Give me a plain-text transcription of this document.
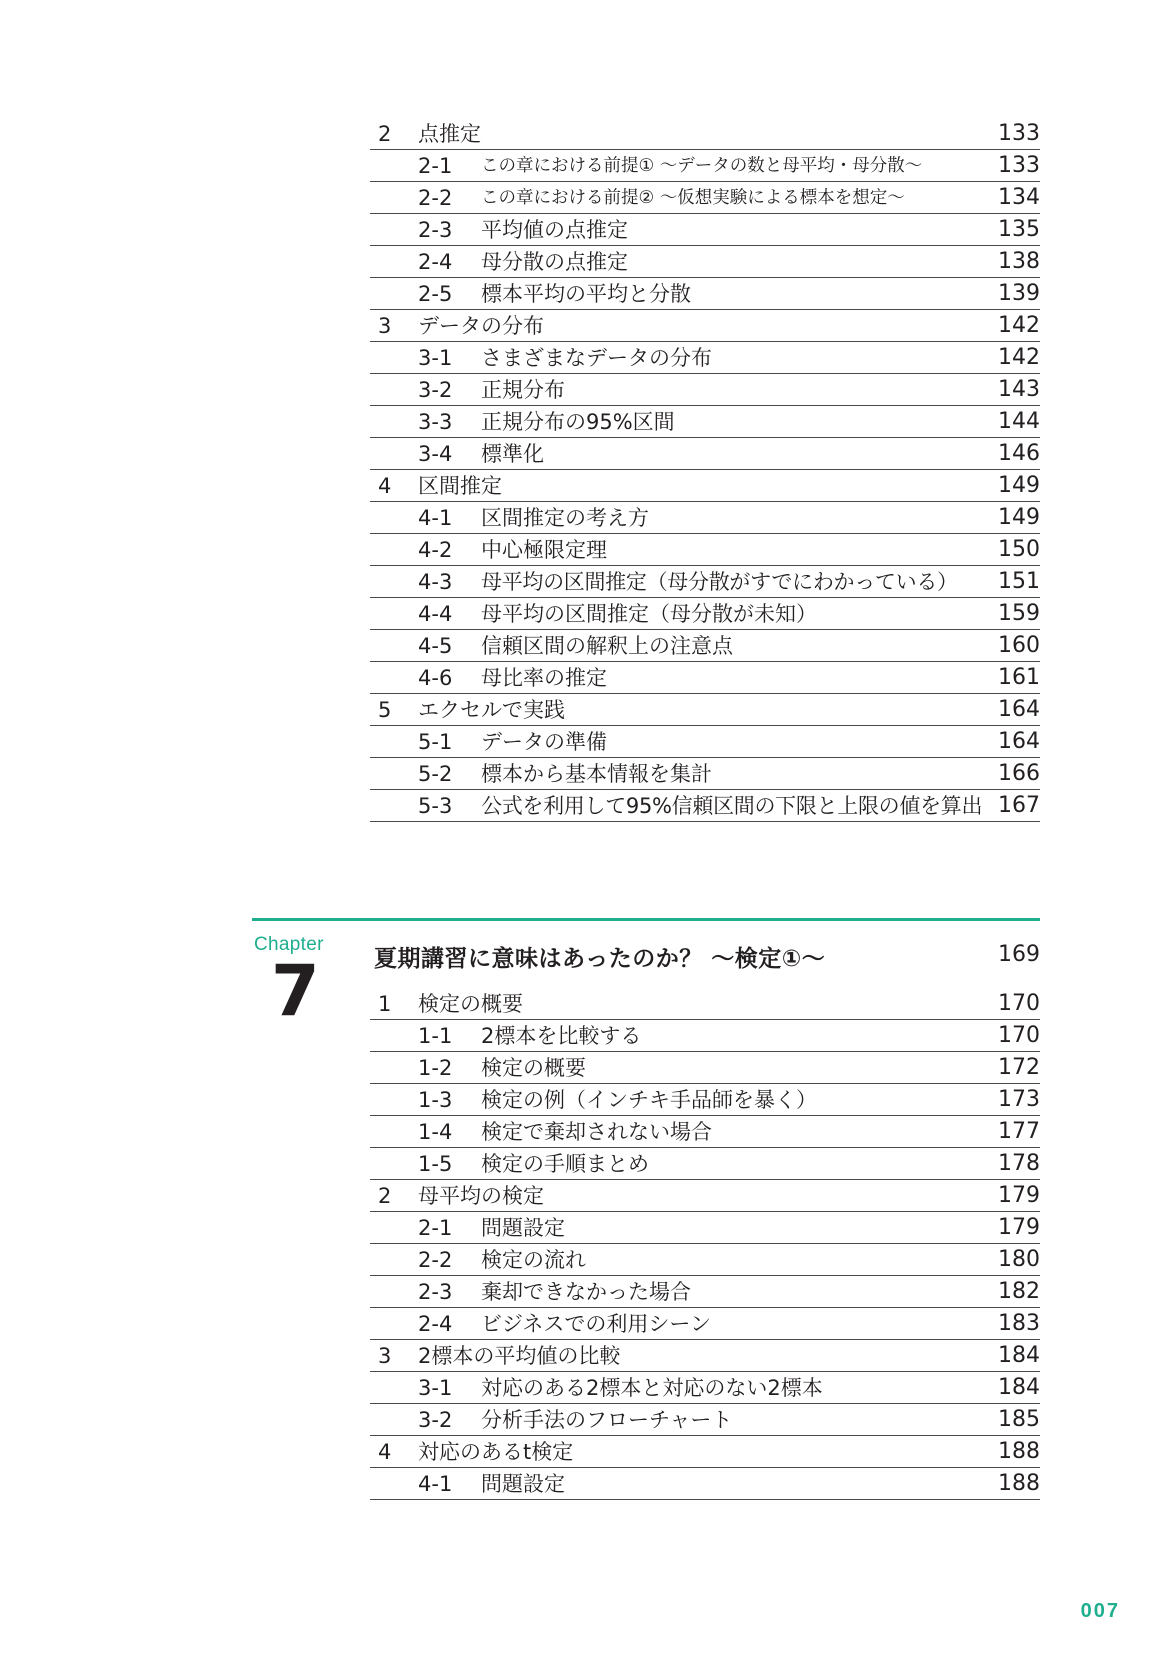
2 点推定	133
2-1 この章における前提① 〜データの数と母平均・母分散〜	133
2-2 この章における前提② 〜仮想実験による標本を想定〜	134
2-3 平均値の点推定	135
2-4 母分散の点推定	138
2-5 標本平均の平均と分散	139
3 データの分布	142
3-1 さまざまなデータの分布	142
3-2 正規分布	143
3-3 正規分布の95%区間	144
3-4 標準化	146
4 区間推定	149
4-1 区間推定の考え方	149
4-2 中心極限定理	150
4-3 母平均の区間推定（母分散がすでにわかっている） 151
4-4 母平均の区間推定（母分散が未知）	159
4-5 信頼区間の解釈上の注意点	160
4-6 母比率の推定	161
5 エクセルで実践	164
5-1 データの準備	164
5-2 標本から基本情報を集計	166
5-3 公式を利用して95%信頼区間の下限と上限の値を算出 167
Chapter
7 夏期講習に意味はあったのか？ 〜検定①〜	169
1 検定の概要	170
1-1 2標本を比較する	170
1-2 検定の概要	172
1-3 検定の例（インチキ手品師を暴く）	173
1-4 検定で棄却されない場合	177
1-5 検定の手順まとめ	178
2 母平均の検定	179
2-1 問題設定	179
2-2 検定の流れ	180
2-3 棄却できなかった場合	182
2-4 ビジネスでの利用シーン	183
3 2標本の平均値の比較	184
3-1 対応のある2標本と対応のない2標本	184
3-2 分析手法のフローチャート	185
4 対応のあるt検定	188
4-1 問題設定	188
007
